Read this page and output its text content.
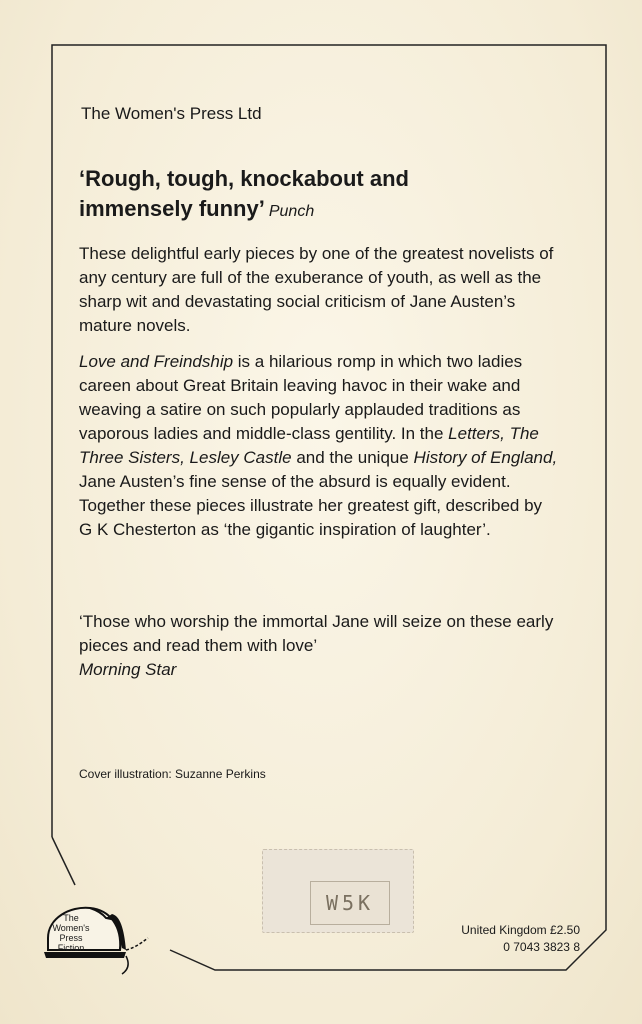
The Women's Press Ltd
‘Rough, tough, knockabout and
immensely funny’ Punch

These delightful early pieces by one of the greatest novelists of any century are full of the exuberance of youth, as well as the sharp wit and devastating social criticism of Jane Austen’s mature novels.

Love and Freindship is a hilarious romp in which two ladies careen about Great Britain leaving havoc in their wake and weaving a satire on such popularly applauded traditions as vaporous ladies and middle-class gentility. In the Letters, The Three Sisters, Lesley Castle and the unique History of England, Jane Austen’s fine sense of the absurd is equally evident. Together these pieces illustrate her greatest gift, described by G K Chesterton as ‘the gigantic inspiration of laughter’.

‘Those who worship the immortal Jane will seize on these early pieces and read them with love’
Morning Star
Cover illustration: Suzanne Perkins
W5K
United Kingdom £2.50
0 7043 3823 8
The
Women's
Press
Fiction
